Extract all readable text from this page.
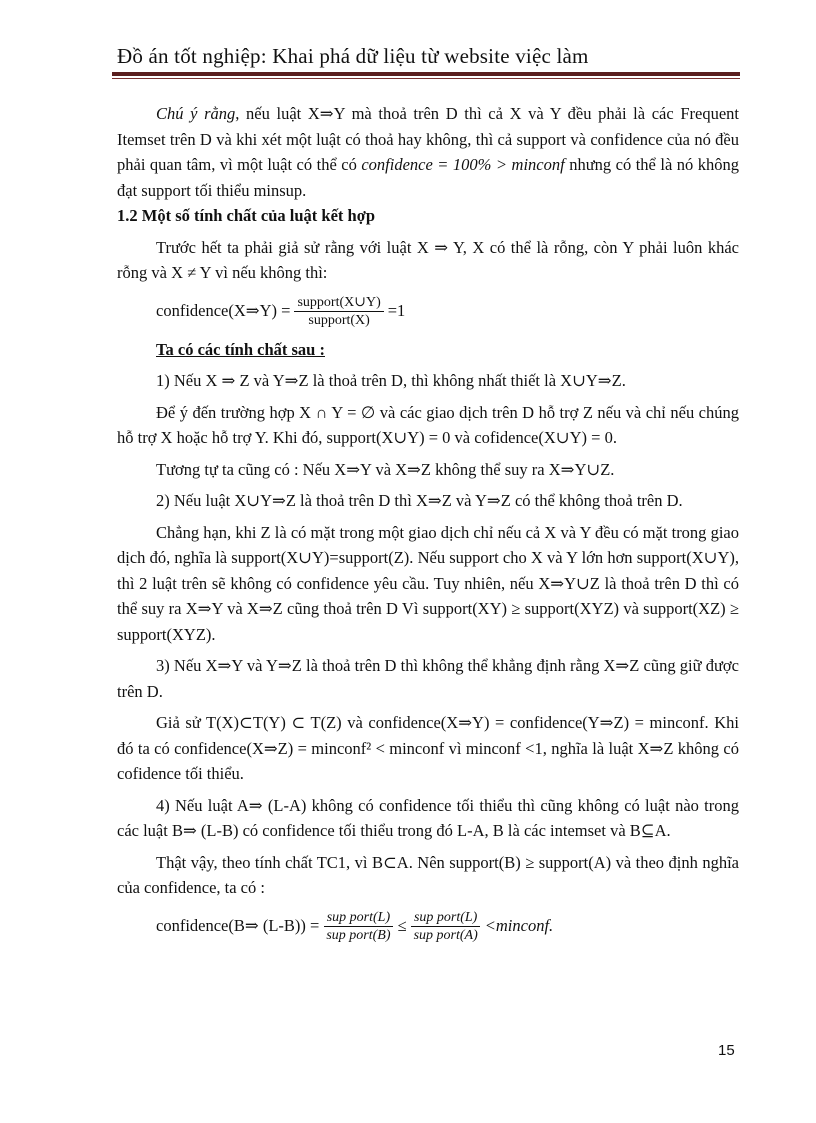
Đồ án tốt nghiệp: Khai phá dữ liệu từ website việc làm

Chú ý rằng, nếu luật X⇒Y mà thoả trên D thì cả X và Y đều phải là các Frequent Itemset trên D và khi xét một luật có thoả hay không, thì cả support và confidence của nó đều phải quan tâm, vì một luật có thể có confidence = 100% > minconf nhưng có thể là nó không đạt support tối thiểu minsup.

1.2 Một số tính chất của luật kết hợp

Trước hết ta phải giả sử rằng với luật X ⇒ Y, X có thể là rỗng, còn Y phải luôn khác rỗng và X ≠ Y vì nếu không thì:

confidence(X⇒Y) = $\frac{\text{support(X∪Y)}}{\text{support(X)}} =1$

Ta có các tính chất sau :

1) Nếu X ⇒ Z và Y⇒Z là thoả trên D, thì không nhất thiết là X∪Y⇒Z.

Để ý đến trường hợp X ∩ Y = ∅ và các giao dịch trên D hỗ trợ Z nếu và chỉ nếu chúng hỗ trợ X hoặc hỗ trợ Y. Khi đó, support(X∪Y) = 0 và cofidence(X∪Y) = 0.

Tương tự ta cũng có : Nếu X⇒Y và X⇒Z không thể suy ra X⇒Y∪Z.

2) Nếu luật X∪Y⇒Z là thoả trên D thì X⇒Z và Y⇒Z có thể không thoả trên D.

Chẳng hạn, khi Z là có mặt trong một giao dịch chỉ nếu cả X và Y đều có mặt trong giao dịch đó, nghĩa là support(X∪Y)=support(Z). Nếu support cho X và Y lớn hơn support(X∪Y), thì 2 luật trên sẽ không có confidence yêu cầu. Tuy nhiên, nếu X⇒Y∪Z là thoả trên D thì có thể suy ra X⇒Y và X⇒Z cũng thoả trên D Vì support(XY) ≥ support(XYZ) và support(XZ) ≥ support(XYZ).

3) Nếu X⇒Y và Y⇒Z là thoả trên D thì không thể khẳng định rằng X⇒Z cũng giữ được trên D.

Giả sử T(X)⊂T(Y) ⊂ T(Z) và confidence(X⇒Y) = confidence(Y⇒Z) = minconf. Khi đó ta có confidence(X⇒Z) = minconf² < minconf vì minconf <1, nghĩa là luật X⇒Z không có cofidence tối thiểu.

4) Nếu luật A⇒ (L-A) không có confidence tối thiểu thì cũng không có luật nào trong các luật B⇒ (L-B) có confidence tối thiểu trong đó L-A, B là các intemset và B⊆A.

Thật vậy, theo tính chất TC1, vì B⊂A. Nên support(B) ≥ support(A) và theo định nghĩa của confidence, ta có :

confidence(B⇒ $(L-B)) = \frac{\text{sup port(L)}}{\text{sup port(B)}} \le \frac{\text{sup port(L)}}{\text{sup port(A)}}$ <minconf.
15
